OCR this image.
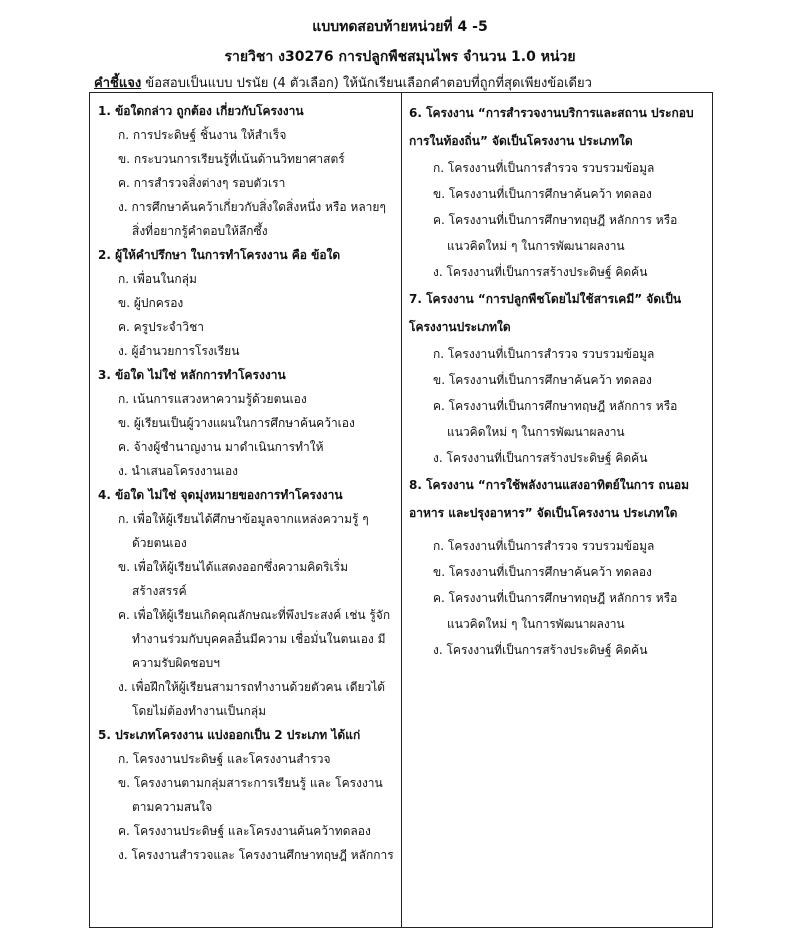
แบบทดสอบท้ายหน่วยที่ 4 -5
รายวิชา ง30276 การปลูกพืชสมุนไพร จำนวน 1.0 หน่วย
คำชี้แจง ข้อสอบเป็นแบบ ปรนัย (4 ตัวเลือก) ให้นักเรียนเลือกคำตอบที่ถูกที่สุดเพียงข้อเดียว
1. ข้อใดกล่าว ถูกต้อง เกี่ยวกับโครงงาน
ก. การประดิษฐ์ ชิ้นงาน ให้สำเร็จ
ข. กระบวนการเรียนรู้ที่เน้นด้านวิทยาศาสตร์
ค. การสำรวจสิ่งต่างๆ รอบตัวเรา
ง. การศึกษาค้นคว้าเกี่ยวกับสิ่งใดสิ่งหนึ่ง หรือ หลายๆ สิ่งที่อยากรู้คำตอบให้ลึกซึ้ง
2. ผู้ให้คำปรึกษา ในการทำโครงงาน คือ ข้อใด
ก. เพื่อนในกลุ่ม
ข. ผู้ปกครอง
ค. ครูประจำวิชา
ง. ผู้อำนวยการโรงเรียน
3. ข้อใด ไม่ใช่ หลักการทำโครงงาน
ก. เน้นการแสวงหาความรู้ด้วยตนเอง
ข. ผู้เรียนเป็นผู้วางแผนในการศึกษาค้นคว้าเอง
ค. จ้างผู้ชำนาญงาน มาดำเนินการทำให้
ง. นำเสนอโครงงานเอง
4. ข้อใด ไม่ใช่ จุดมุ่งหมายของการทำโครงงาน
ก. เพื่อให้ผู้เรียนได้ศึกษาข้อมูลจากแหล่งความรู้ ๆ ด้วยตนเอง
ข. เพื่อให้ผู้เรียนได้แสดงออกซึ่งความคิดริเริ่ม สร้างสรรค์
ค. เพื่อให้ผู้เรียนเกิดคุณลักษณะที่พึงประสงค์ เช่น รู้จักทำงานร่วมกับบุคคลอื่นมีความ เชื่อมั่นในตนเอง มีความรับผิดชอบฯ
ง. เพื่อฝึกให้ผู้เรียนสามารถทำงานด้วยตัวคน เดียวได้โดยไม่ต้องทำงานเป็นกลุ่ม
5. ประเภทโครงงาน แบ่งออกเป็น 2 ประเภท ได้แก่
ก. โครงงานประดิษฐ์ และโครงงานสำรวจ
ข. โครงงานตามกลุ่มสาระการเรียนรู้ และ โครงงานตามความสนใจ
ค. โครงงานประดิษฐ์ และโครงงานค้นคว้าทดลอง
ง. โครงงานสำรวจและ โครงงานศึกษาทฤษฎี หลักการ
6. โครงงาน “การสำรวจงานบริการและสถาน ประกอบการในท้องถิ่น” จัดเป็นโครงงาน ประเภทใด
ก. โครงงานที่เป็นการสำรวจ รวบรวมข้อมูล
ข. โครงงานที่เป็นการศึกษาค้นคว้า ทดลอง
ค. โครงงานที่เป็นการศึกษาทฤษฎี หลักการ หรือแนวคิดใหม่ ๆ ในการพัฒนาผลงาน
ง. โครงงานที่เป็นการสร้างประดิษฐ์ คิดค้น
7. โครงงาน “การปลูกพืชโดยไม่ใช้สารเคมี” จัดเป็นโครงงานประเภทใด
ก. โครงงานที่เป็นการสำรวจ รวบรวมข้อมูล
ข. โครงงานที่เป็นการศึกษาค้นคว้า ทดลอง
ค. โครงงานที่เป็นการศึกษาทฤษฎี หลักการ หรือแนวคิดใหม่ ๆ ในการพัฒนาผลงาน
ง. โครงงานที่เป็นการสร้างประดิษฐ์ คิดค้น
8. โครงงาน “การใช้พลังงานแสงอาทิตย์ในการ ถนอมอาหาร และปรุงอาหาร” จัดเป็นโครงงาน ประเภทใด
ก. โครงงานที่เป็นการสำรวจ รวบรวมข้อมูล
ข. โครงงานที่เป็นการศึกษาค้นคว้า ทดลอง
ค. โครงงานที่เป็นการศึกษาทฤษฎี หลักการ หรือแนวคิดใหม่ ๆ ในการพัฒนาผลงาน
ง. โครงงานที่เป็นการสร้างประดิษฐ์ คิดค้น
